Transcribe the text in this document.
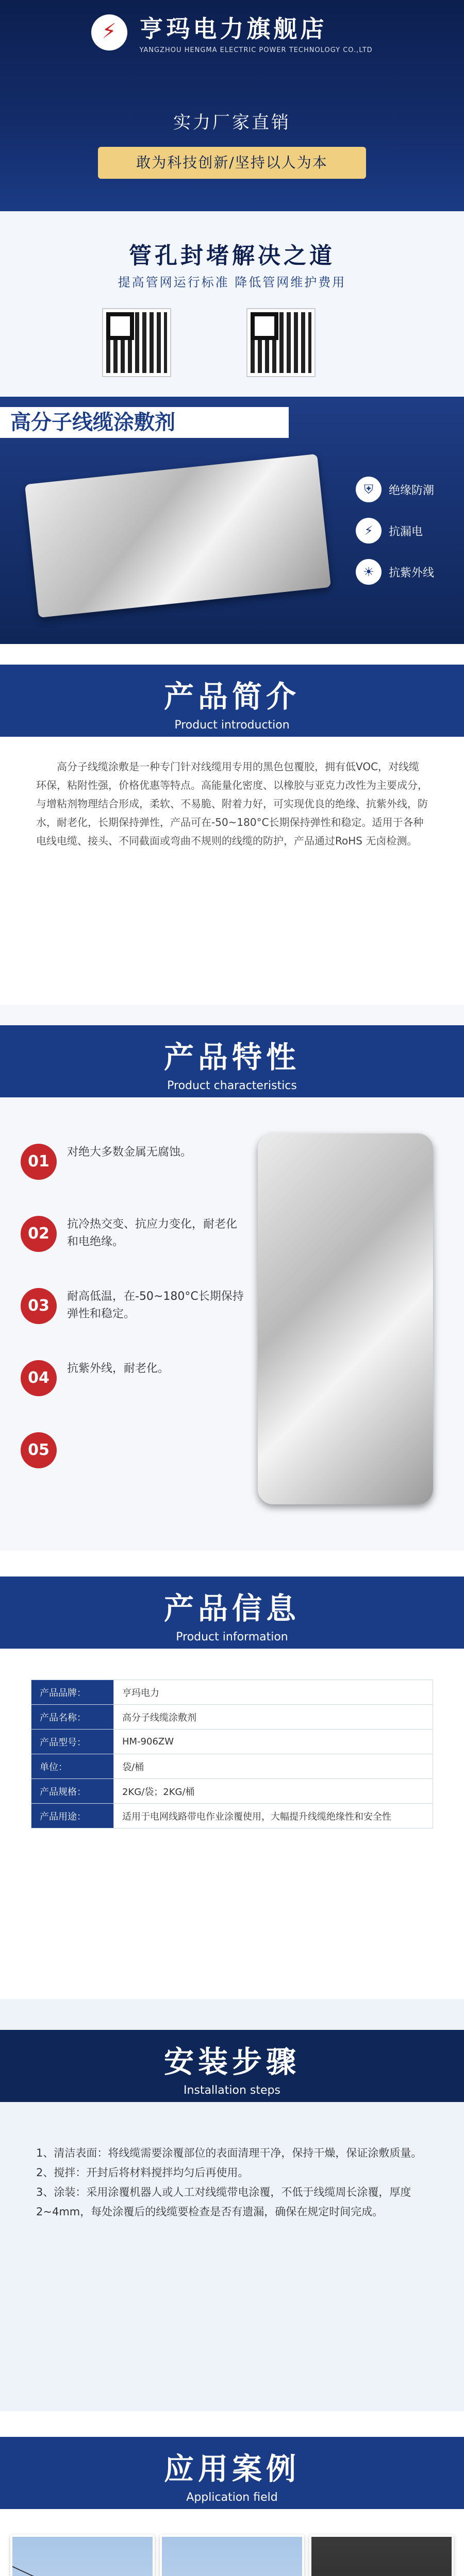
⚡
亨玛电力旗舰店
YANGZHOU HENGMA ELECTRIC POWER TECHNOLOGY CO.,LTD
实力厂家直销
敢为科技创新/坚持以人为本
管孔封堵解决之道
提高管网运行标准 降低管网维护费用
高分子线缆涂敷剂
⛨	绝缘防潮
⚡	抗漏电
☀	抗紫外线
产品简介
Product introduction
高分子线缆涂敷是一种专门针对线缆用专用的黑色包覆胶，拥有低VOC，对线缆环保，粘附性强，价格优惠等特点。高能量化密度、以橡胶与亚克力改性为主要成分，与增粘剂物理结合形成，柔软、不易脆、附着力好，可实现优良的绝缘、抗紫外线，防水，耐老化，长期保持弹性，产品可在-50~180°C长期保持弹性和稳定。适用于各种电线电缆、接头、不同截面或弯曲不规则的线缆的防护，产品通过RoHS 无卤检测。
产品特性
Product characteristics
01
对绝大多数金属无腐蚀。
02
抗冷热交变、抗应力变化，耐老化和电绝缘。
03
耐高低温，在-50~180°C长期保持弹性和稳定。
04
抗紫外线，耐老化。
05
产品信息
Product information
产品品牌：	亨玛电力
产品名称：	高分子线缆涂敷剂
产品型号：	HM-906ZW
单位：	袋/桶
产品规格：	2KG/袋；2KG/桶
产品用途：	适用于电网线路带电作业涂覆使用，大幅提升线缆绝缘性和安全性
安装步骤
Installation steps

1、清洁表面：将线缆需要涂覆部位的表面清理干净，保持干燥，保证涂敷质量。

2、搅拌：开封后将材料搅拌均匀后再使用。

3、涂装：采用涂覆机器人或人工对线缆带电涂覆，不低于线缆周长涂覆，厚度2~4mm，每处涂覆后的线缆要检查是否有遗漏，确保在规定时间完成。

应用案例
Application field
